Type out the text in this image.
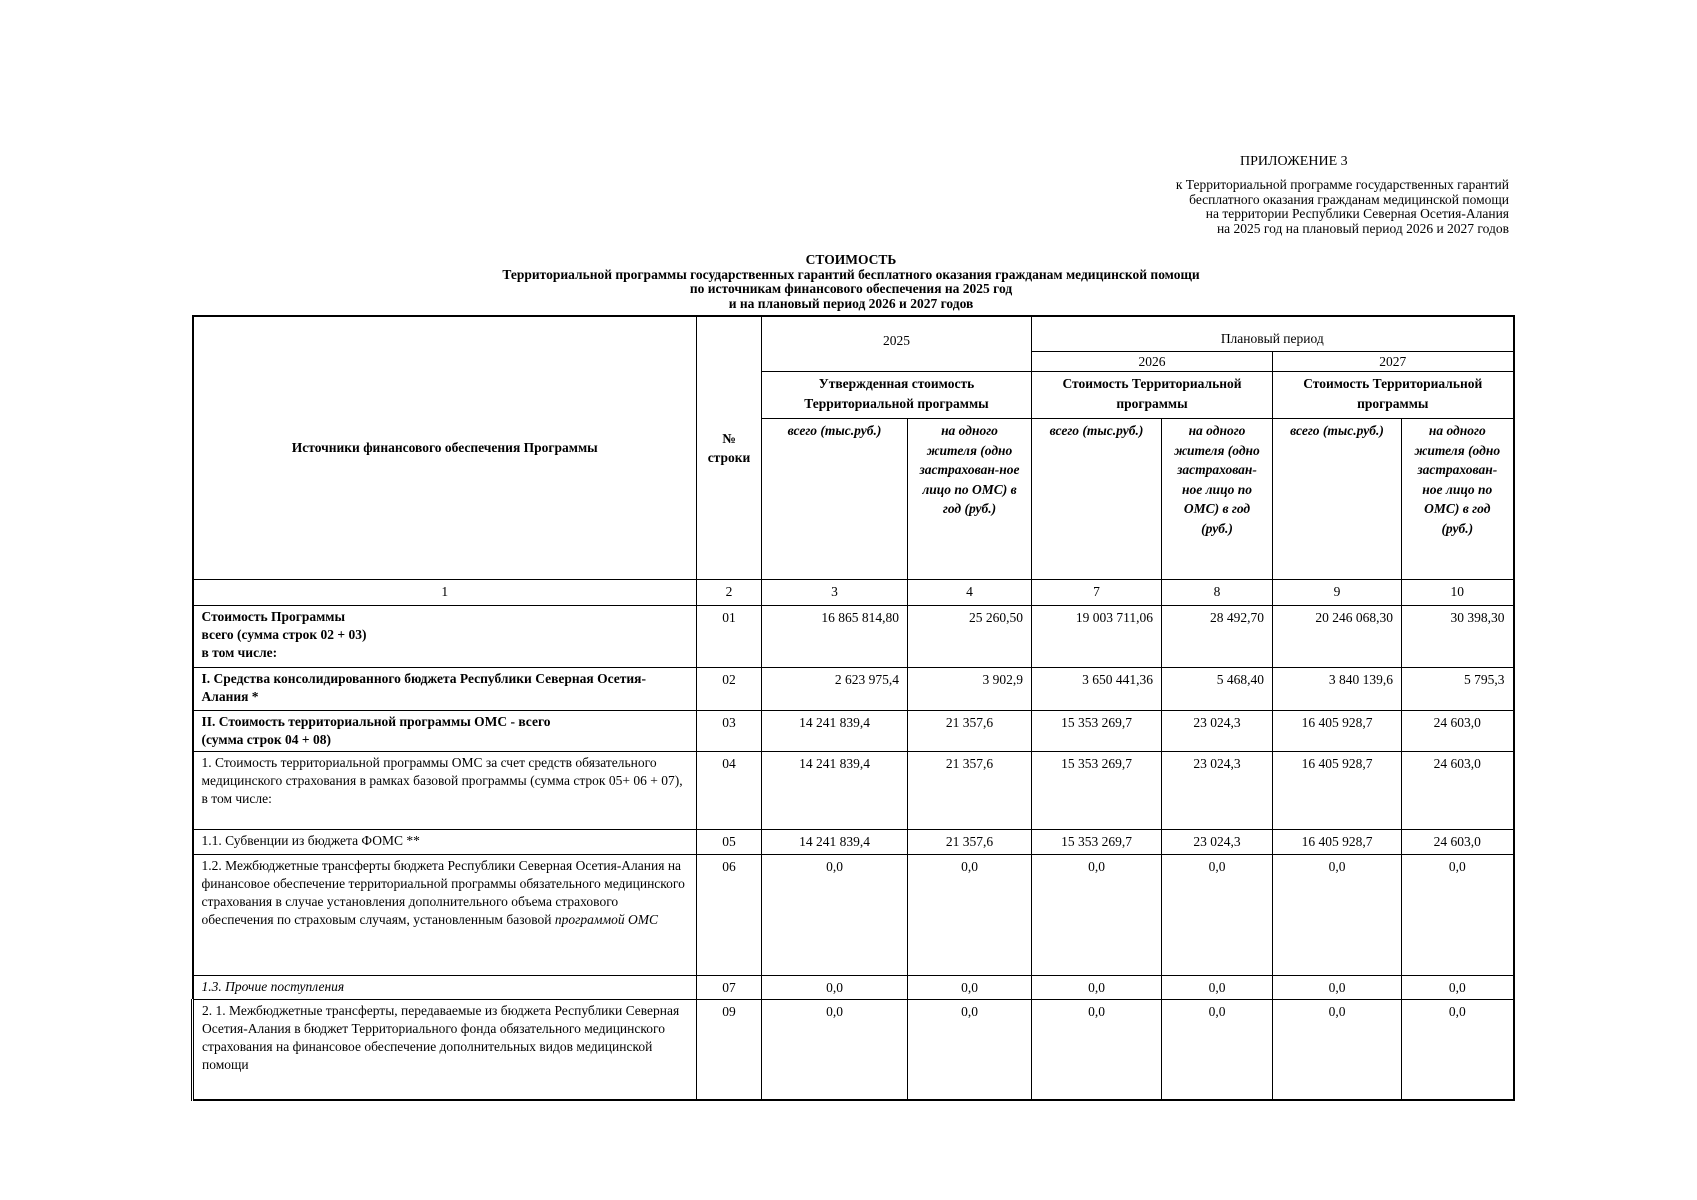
ПРИЛОЖЕНИЕ 3
к Территориальной программе государственных гарантий
бесплатного оказания гражданам медицинской помощи
на территории Республики Северная Осетия-Алания
на 2025 год на плановый период 2026 и 2027 годов
СТОИМОСТЬ
Территориальной программы государственных гарантий бесплатного оказания гражданам медицинской помощи
по источникам финансового обеспечения на 2025 год
и на плановый период 2026 и 2027 годов
Источники финансового обеспечения Программы	№ строки	2025		Плановый период			
				2026		2027	
		Утвержденная стоимость Территориальной программы		Стоимость Территориальной программы		Стоимость Территориальной программы	
		всего (тыс.руб.)	на одного жителя (одно застрахован-ное лицо по ОМС) в год (руб.)	всего (тыс.руб.)	на одного жителя (одно застрахован-ное лицо по ОМС) в год (руб.)	всего (тыс.руб.)	на одного жителя (одно застрахован-ное лицо по ОМС) в год (руб.)
1	2	3	4	7	8	9	10

Стоимость Программы
всего (сумма строк 02 + 03)
в том числе:	01	16 865 814,80	25 260,50	19 003 711,06	28 492,70	20 246 068,30	30 398,30

I. Средства консолидированного бюджета Республики Северная Осетия-Алания *	02	2 623 975,4	3 902,9	3 650 441,36	5 468,40	3 840 139,6	5 795,3

II. Стоимость территориальной программы ОМС - всего
(сумма строк 04 + 08)	03	14 241 839,4	21 357,6	15 353 269,7	23 024,3	16 405 928,7	24 603,0

1. Стоимость территориальной программы ОМС за счет средств обязательного медицинского страхования в рамках базовой программы (сумма строк 05+ 06 + 07),
в том числе:	04	14 241 839,4	21 357,6	15 353 269,7	23 024,3	16 405 928,7	24 603,0

1.1. Субвенции из бюджета ФОМС **	05	14 241 839,4	21 357,6	15 353 269,7	23 024,3	16 405 928,7	24 603,0

1.2. Межбюджетные трансферты бюджета Республики Северная Осетия-Алания на финансовое обеспечение территориальной программы обязательного медицинского страхования в случае установления дополнительного объема страхового обеспечения по страховым случаям, установленным базовой программой ОМС	06	0,0	0,0	0,0	0,0	0,0	0,0

1.3. Прочие поступления	07	0,0	0,0	0,0	0,0	0,0	0,0

2. 1. Межбюджетные трансферты, передаваемые из бюджета Республики Северная Осетия-Алания в бюджет Территориального фонда обязательного медицинского страхования на финансовое обеспечение дополнительных видов медицинской помощи	09	0,0	0,0	0,0	0,0	0,0	0,0
